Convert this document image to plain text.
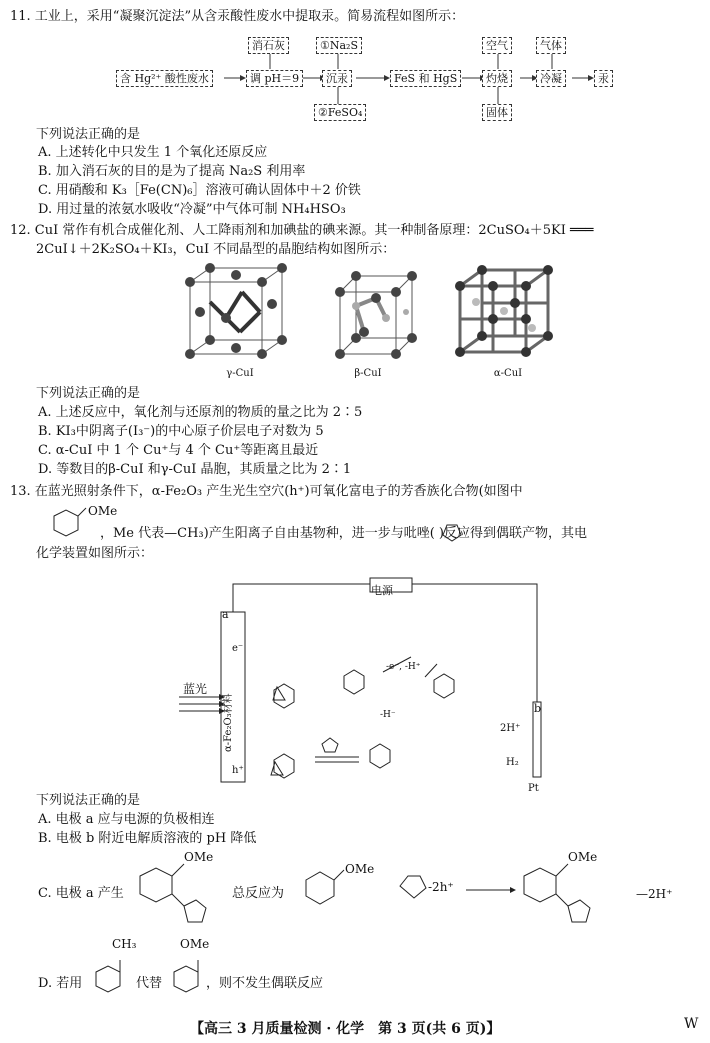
11. 工业上，采用“凝聚沉淀法”从含汞酸性废水中提取汞。简易流程如图所示：
含 Hg²⁺ 酸性废水	调 pH＝9
消石灰
沉汞
①Na₂S
②FeSO₄
FeS 和 HgS	灼烧
空气
固体
冷凝
气体
汞
下列说法正确的是
A. 上述转化中只发生 1 个氧化还原反应
B. 加入消石灰的目的是为了提高 Na₂S 利用率
C. 用硝酸和 K₃［Fe(CN)₆］溶液可确认固体中＋2 价铁
D. 用过量的浓氨水吸收“冷凝”中气体可制 NH₄HSO₃
12. CuI 常作有机合成催化剂、人工降雨剂和加碘盐的碘来源。其一种制备原理：2CuSO₄＋5KI ═══
2CuI↓＋2K₂SO₄＋KI₃，CuI 不同晶型的晶胞结构如图所示：
γ-CuI	β-CuI	α-CuI
下列说法正确的是
A. 上述反应中，氧化剂与还原剂的物质的量之比为 2∶5
B. KI₃中阴离子(I₃⁻)的中心原子价层电子对数为 5
C. α-CuI 中 1 个 Cu⁺与 4 个 Cu⁺等距离且最近
D. 等数目的β-CuI 和γ-CuI 晶胞，其质量之比为 2∶1
13. 在蓝光照射条件下，α-Fe₂O₃ 产生光生空穴(h⁺)可氧化富电子的芳香族化合物(如图中
OMe
，Me 代表—CH₃)产生阳离子自由基物种，进一步与吡唑( )反应得到偶联产物，其电
化学装置如图所示：
电源
a
b
蓝光
α-Fe₂O₃材料
Pt
2H⁺
H₂
e⁻
h⁺
-e⁻, -H⁺
-H⁻
下列说法正确的是
A. 电极 a 应与电源的负极相连
B. 电极 b 附近电解质溶液的 pH 降低
C. 电极 a 产生
OMe
总反应为
OMe
-2h⁺
OMe
—2H⁺
D. 若用
CH₃
代替
OMe
，则不发生偶联反应
【高三 3 月质量检测 · 化学　第 3 页(共 6 页)】	W
